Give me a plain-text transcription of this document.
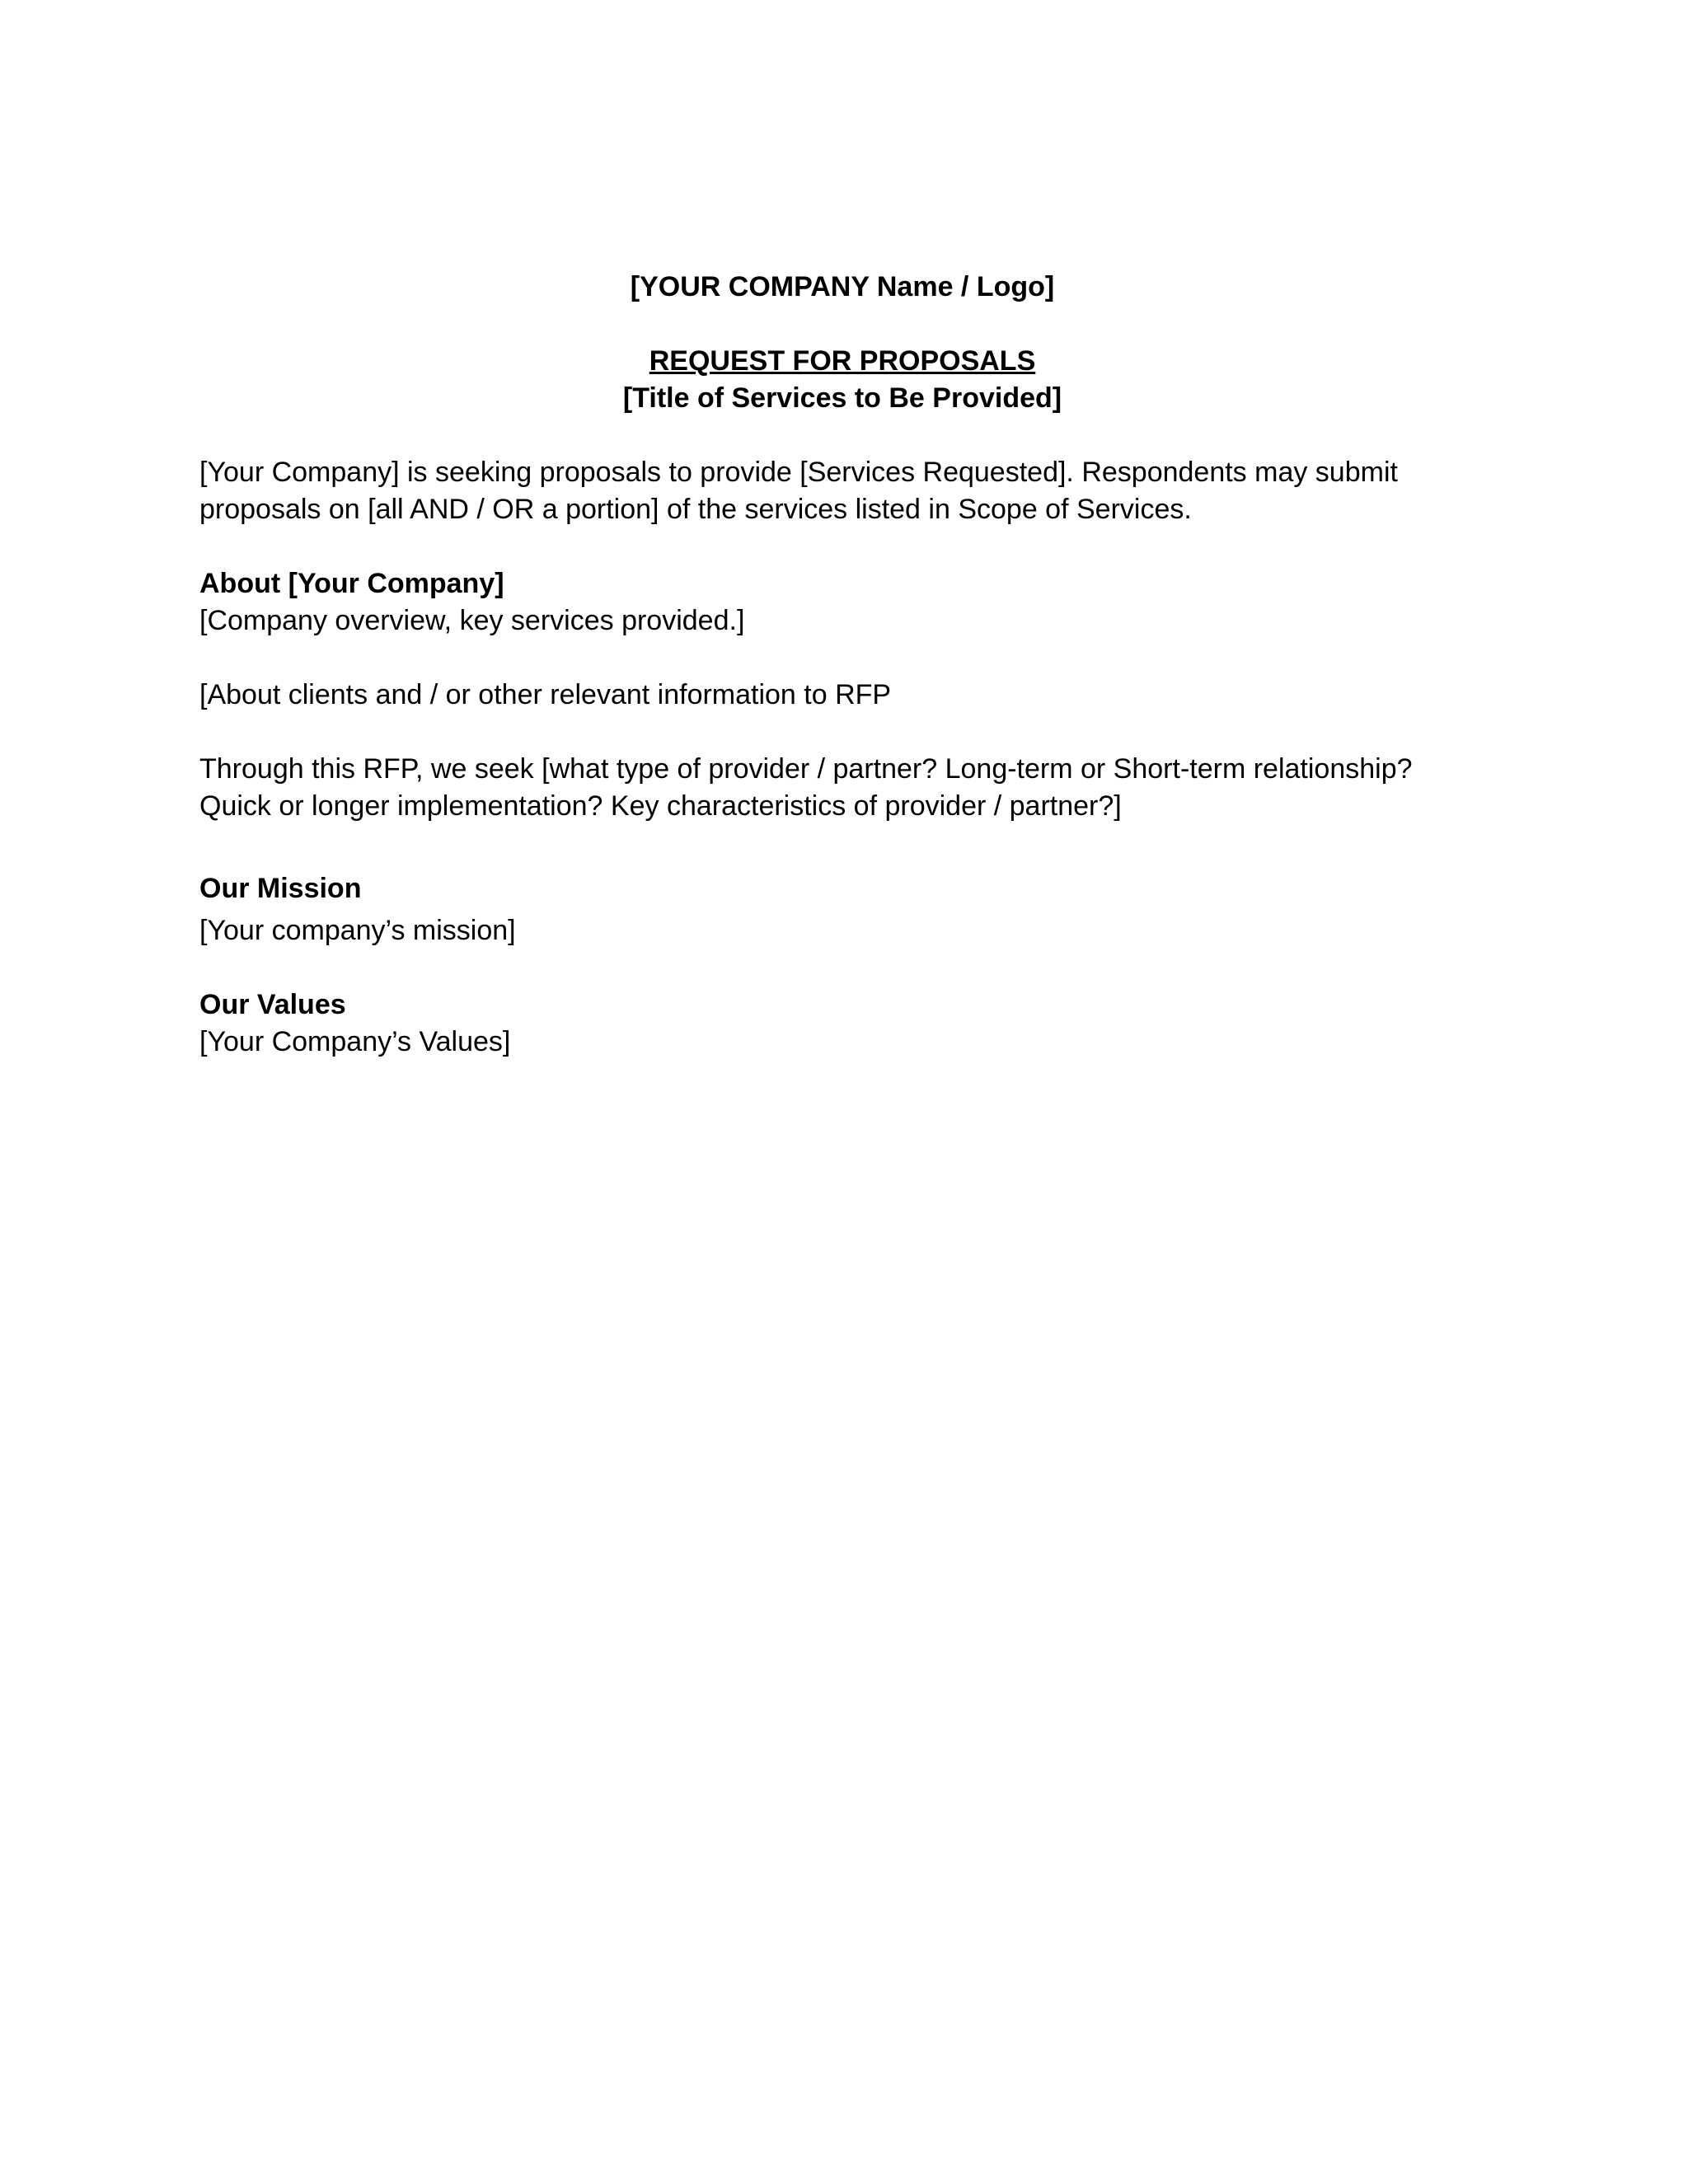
[YOUR COMPANY Name / Logo]
REQUEST FOR PROPOSALS
[Title of Services to Be Provided]

[Your Company] is seeking proposals to provide [Services Requested]. Respondents may submit

proposals on [all AND / OR a portion] of the services listed in Scope of Services.

About [Your Company]

[Company overview, key services provided.]

[About clients and / or other relevant information to RFP

Through this RFP, we seek [what type of provider / partner? Long-term or Short-term relationship?

Quick or longer implementation? Key characteristics of provider / partner?]

Our Mission

[Your company’s mission]

Our Values

[Your Company’s Values]
